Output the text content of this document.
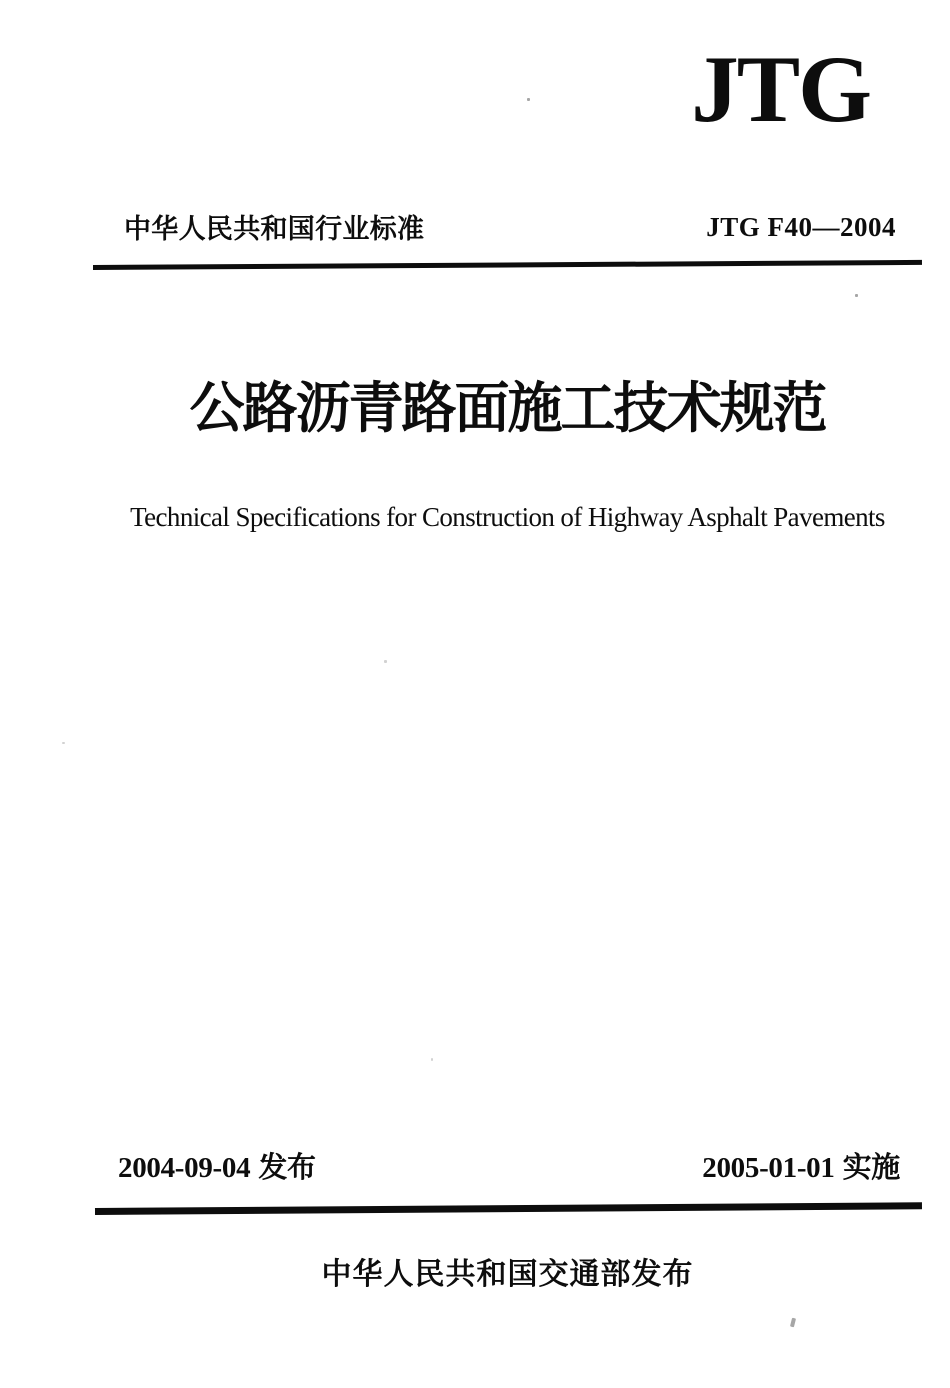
JTG
中华人民共和国行业标准	JTG F40—2004
公路沥青路面施工技术规范
Technical Specifications for Construction of Highway Asphalt Pavements
2004-09-04 发布	2005-01-01 实施
中华人民共和国交通部发布
